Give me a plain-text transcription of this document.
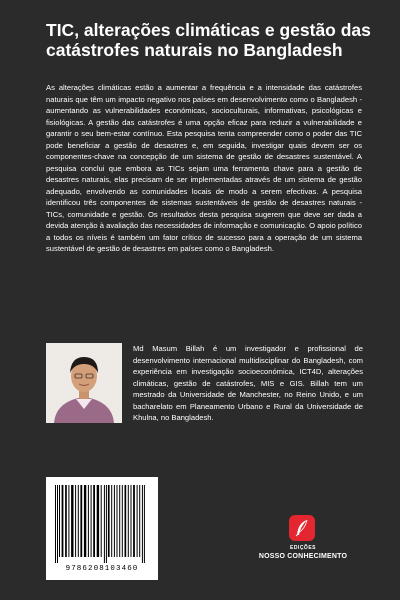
TIC, alterações climáticas e gestão das catástrofes naturais no Bangladesh

As alterações climáticas estão a aumentar a frequência e a intensidade das catástrofes naturais que têm um impacto negativo nos países em desenvolvimento como o Bangladesh - aumentando as vulnerabilidades económicas, socioculturais, informativas, psicológicas e fisiológicas. A gestão das catástrofes é uma opção eficaz para reduzir a vulnerabilidade e garantir o seu bem-estar contínuo. Esta pesquisa tenta compreender como o poder das TIC pode beneficiar a gestão de desastres e, em seguida, investigar quais devem ser os componentes-chave na concepção de um sistema de gestão de desastres sustentável. A pesquisa conclui que embora as TICs sejam uma ferramenta chave para a gestão de desastres naturais, elas precisam de ser implementadas através de um sistema de gestão adequado, envolvendo as comunidades locais de modo a serem efectivas. A pesquisa identificou três componentes de sistemas sustentáveis de gestão de desastres naturais - TICs, comunidade e gestão. Os resultados desta pesquisa sugerem que deve ser dada a devida atenção à avaliação das necessidades de informação e comunicação. O apoio político a todos os níveis é também um fator crítico de sucesso para a operação de um sistema sustentável de gestão de desastres em países como o Bangladesh.

Md Masum Billah é um investigador e profissional de desenvolvimento internacional multidisciplinar do Bangladesh, com experiência em investigação socioeconómica, ICT4D, alterações climáticas, gestão de catástrofes, MIS e GIS. Billah tem um mestrado da Universidade de Manchester, no Reino Unido, e um bacharelato em Planeamento Urbano e Rural da Universidade de Khulna, no Bangladesh.

9786208103460
EDIÇÕES
NOSSO CONHECIMENTO
